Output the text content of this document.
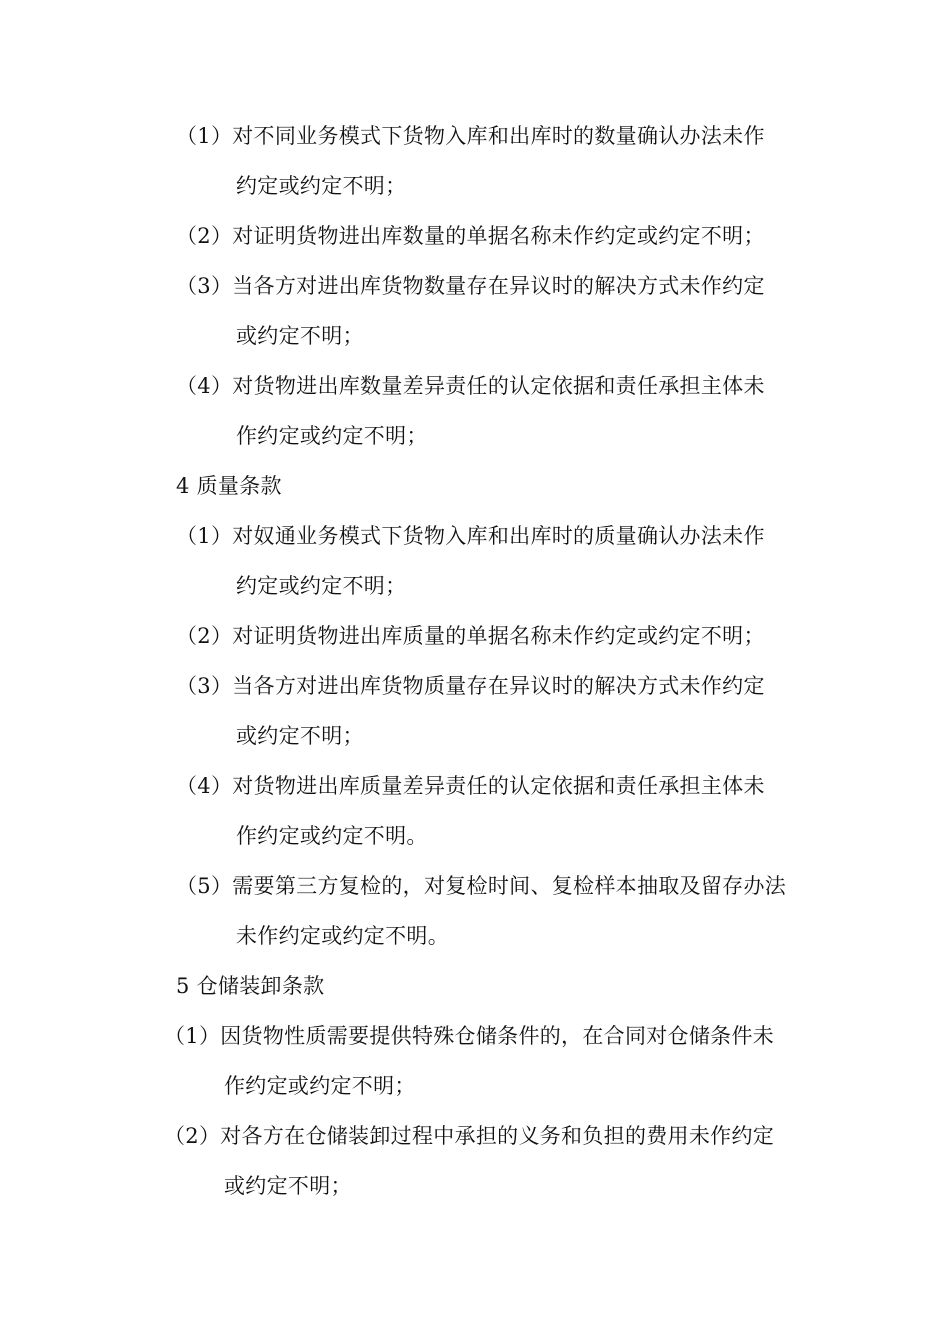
（1）对不同业务模式下货物入库和出库时的数量确认办法未作
约定或约定不明；
（2）对证明货物进出库数量的单据名称未作约定或约定不明；
（3）当各方对进出库货物数量存在异议时的解决方式未作约定
或约定不明；
（4）对货物进出库数量差异责任的认定依据和责任承担主体未
作约定或约定不明；
4 质量条款
（1）对奴通业务模式下货物入库和出库时的质量确认办法未作
约定或约定不明；
（2）对证明货物进出库质量的单据名称未作约定或约定不明；
（3）当各方对进出库货物质量存在异议时的解决方式未作约定
或约定不明；
（4）对货物进出库质量差异责任的认定依据和责任承担主体未
作约定或约定不明。
（5）需要第三方复检的，对复检时间、复检样本抽取及留存办法
未作约定或约定不明。
5 仓储装卸条款
（1）因货物性质需要提供特殊仓储条件的，在合同对仓储条件未
作约定或约定不明；
（2）对各方在仓储装卸过程中承担的义务和负担的费用未作约定
或约定不明；
